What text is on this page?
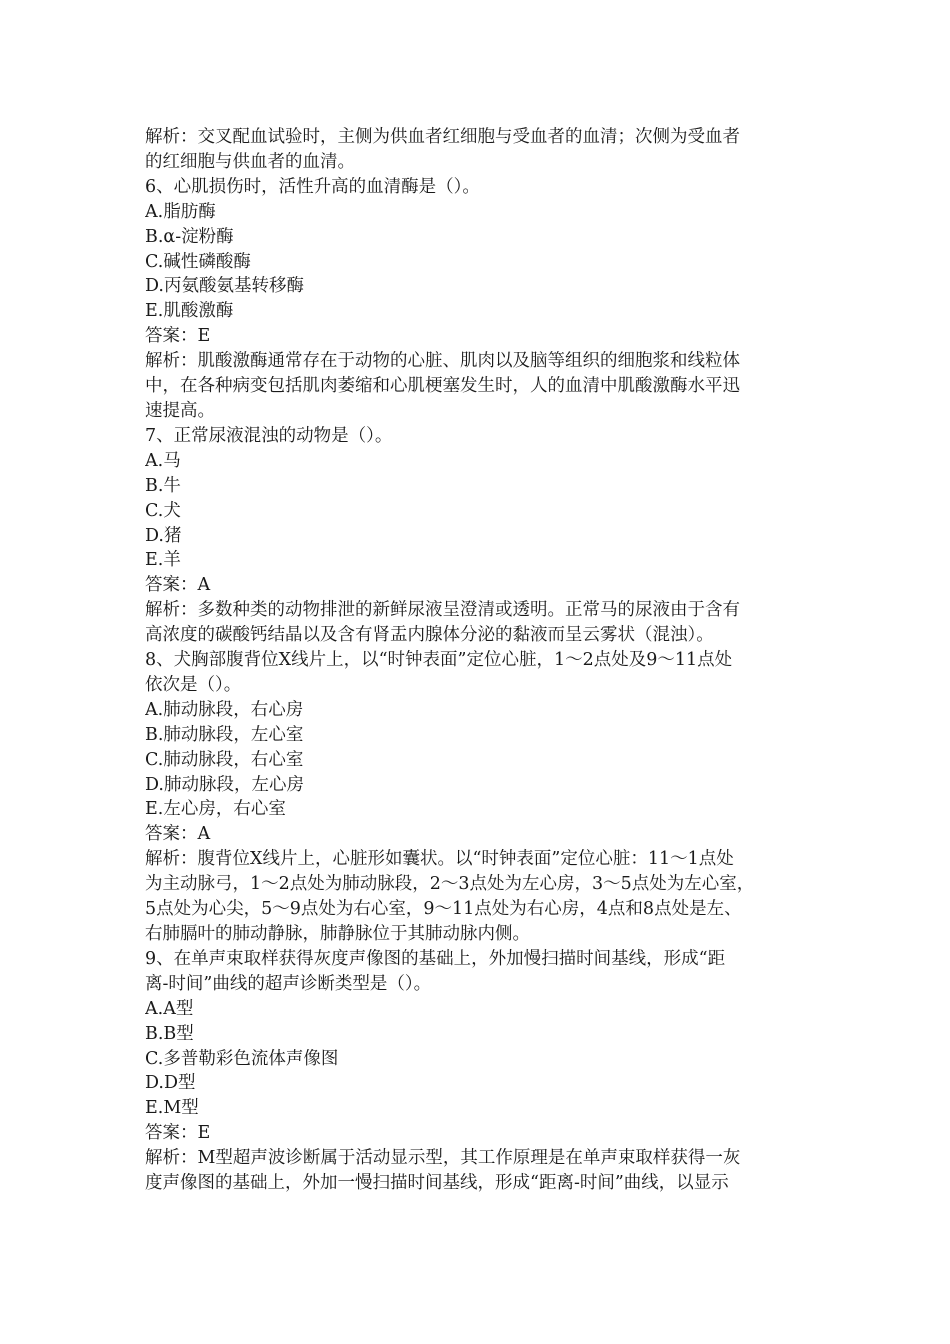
解析：交叉配血试验时，主侧为供血者红细胞与受血者的血清；次侧为受血者
的红细胞与供血者的血清。
6、心肌损伤时，活性升高的血清酶是（）。
A.脂肪酶
B.α-淀粉酶
C.碱性磷酸酶
D.丙氨酸氨基转移酶
E.肌酸激酶
答案：E
解析：肌酸激酶通常存在于动物的心脏、肌肉以及脑等组织的细胞浆和线粒体
中，在各种病变包括肌肉萎缩和心肌梗塞发生时，人的血清中肌酸激酶水平迅
速提高。
7、正常尿液混浊的动物是（）。
A.马
B.牛
C.犬
D.猪
E.羊
答案：A
解析：多数种类的动物排泄的新鲜尿液呈澄清或透明。正常马的尿液由于含有
高浓度的碳酸钙结晶以及含有肾盂内腺体分泌的黏液而呈云雾状（混浊）。
8、犬胸部腹背位X线片上，以“时钟表面”定位心脏，1～2点处及9～11点处
依次是（）。
A.肺动脉段，右心房
B.肺动脉段，左心室
C.肺动脉段，右心室
D.肺动脉段，左心房
E.左心房，右心室
答案：A
解析：腹背位X线片上，心脏形如囊状。以“时钟表面”定位心脏：11～1点处
为主动脉弓，1～2点处为肺动脉段，2～3点处为左心房，3～5点处为左心室，
5点处为心尖，5～9点处为右心室，9～11点处为右心房，4点和8点处是左、
右肺膈叶的肺动静脉，肺静脉位于其肺动脉内侧。
9、在单声束取样获得灰度声像图的基础上，外加慢扫描时间基线，形成“距
离-时间”曲线的超声诊断类型是（）。
A.A型
B.B型
C.多普勒彩色流体声像图
D.D型
E.M型
答案：E
解析：M型超声波诊断属于活动显示型，其工作原理是在单声束取样获得一灰
度声像图的基础上，外加一慢扫描时间基线，形成“距离-时间”曲线，以显示
